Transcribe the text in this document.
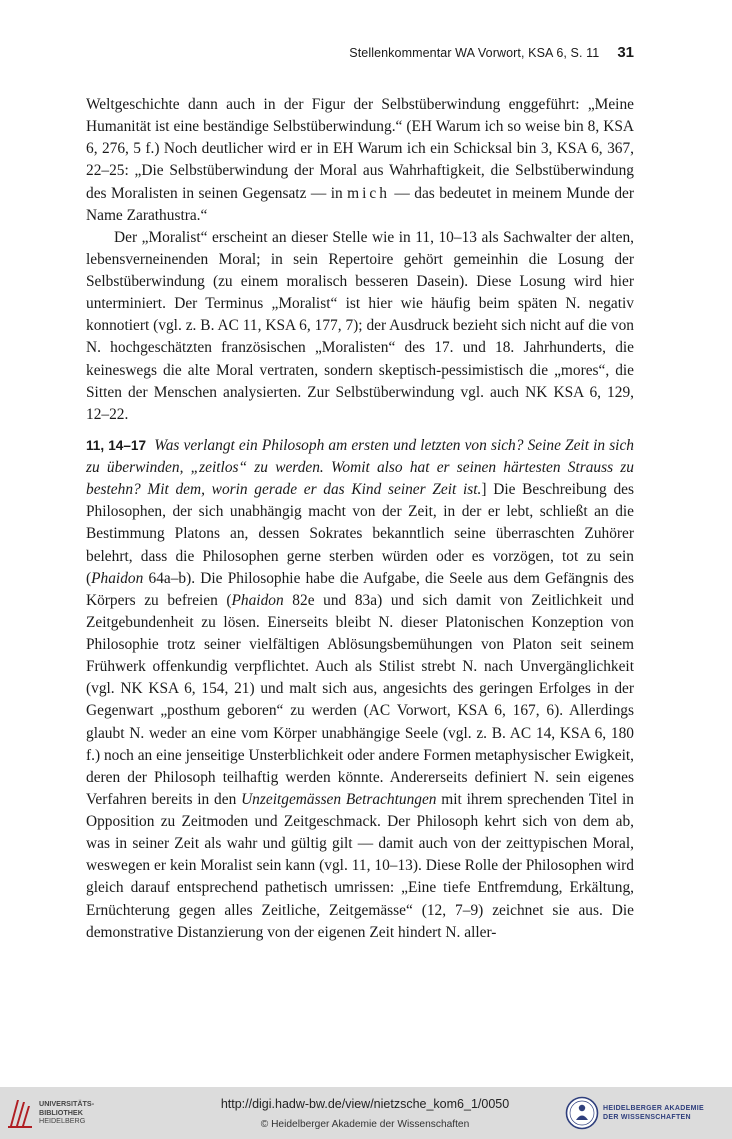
Stellenkommentar WA Vorwort, KSA 6, S. 11 31

Weltgeschichte dann auch in der Figur der Selbstüberwindung enggeführt: „Meine Humanität ist eine beständige Selbstüberwindung.“ (EH Warum ich so weise bin 8, KSA 6, 276, 5 f.) Noch deutlicher wird er in EH Warum ich ein Schicksal bin 3, KSA 6, 367, 22–25: „Die Selbstüberwindung der Moral aus Wahrhaftigkeit, die Selbstüberwindung des Moralisten in seinen Gegensatz — in mich — das bedeutet in meinem Munde der Name Zarathustra.“

Der „Moralist“ erscheint an dieser Stelle wie in 11, 10–13 als Sachwalter der alten, lebensverneinenden Moral; in sein Repertoire gehört gemeinhin die Losung der Selbstüberwindung (zu einem moralisch besseren Dasein). Diese Losung wird hier unterminiert. Der Terminus „Moralist“ ist hier wie häufig beim späten N. negativ konnotiert (vgl. z. B. AC 11, KSA 6, 177, 7); der Ausdruck bezieht sich nicht auf die von N. hochgeschätzten französischen „Moralisten“ des 17. und 18. Jahrhunderts, die keineswegs die alte Moral vertraten, sondern skeptisch-pessimistisch die „mores“, die Sitten der Menschen analysierten. Zur Selbstüberwindung vgl. auch NK KSA 6, 129, 12–22.

11, 14–17 Was verlangt ein Philosoph am ersten und letzten von sich? Seine Zeit in sich zu überwinden, „zeitlos“ zu werden. Womit also hat er seinen härtesten Strauss zu bestehn? Mit dem, worin gerade er das Kind seiner Zeit ist.] Die Beschreibung des Philosophen, der sich unabhängig macht von der Zeit, in der er lebt, schließt an die Bestimmung Platons an, dessen Sokrates bekanntlich seine überraschten Zuhörer belehrt, dass die Philosophen gerne sterben würden oder es vorzögen, tot zu sein (Phaidon 64a–b). Die Philosophie habe die Aufgabe, die Seele aus dem Gefängnis des Körpers zu befreien (Phaidon 82e und 83a) und sich damit von Zeitlichkeit und Zeitgebundenheit zu lösen. Einerseits bleibt N. dieser Platonischen Konzeption von Philosophie trotz seiner vielfältigen Ablösungsbemühungen von Platon seit seinem Frühwerk offenkundig verpflichtet. Auch als Stilist strebt N. nach Unvergänglichkeit (vgl. NK KSA 6, 154, 21) und malt sich aus, angesichts des geringen Erfolges in der Gegenwart „posthum geboren“ zu werden (AC Vorwort, KSA 6, 167, 6). Allerdings glaubt N. weder an eine vom Körper unabhängige Seele (vgl. z. B. AC 14, KSA 6, 180 f.) noch an eine jenseitige Unsterblichkeit oder andere Formen metaphysischer Ewigkeit, deren der Philosoph teilhaftig werden könnte. Andererseits definiert N. sein eigenes Verfahren bereits in den Unzeitgemässen Betrachtungen mit ihrem sprechenden Titel in Opposition zu Zeitmoden und Zeitgeschmack. Der Philosoph kehrt sich von dem ab, was in seiner Zeit als wahr und gültig gilt — damit auch von der zeittypischen Moral, weswegen er kein Moralist sein kann (vgl. 11, 10–13). Diese Rolle der Philosophen wird gleich darauf entsprechend pathetisch umrissen: „Eine tiefe Entfremdung, Erkältung, Ernüchterung gegen alles Zeitliche, Zeitgemässe“ (12, 7–9) zeichnet sie aus. Die demonstrative Distanzierung von der eigenen Zeit hindert N. aller-

UNIVERSITÄTS-
BIBLIOTHEK
HEIDELBERG
http://digi.hadw-bw.de/view/nietzsche_kom6_1/0050
© Heidelberger Akademie der Wissenschaften
HEIDELBERGER AKADEMIE
DER WISSENSCHAFTEN
